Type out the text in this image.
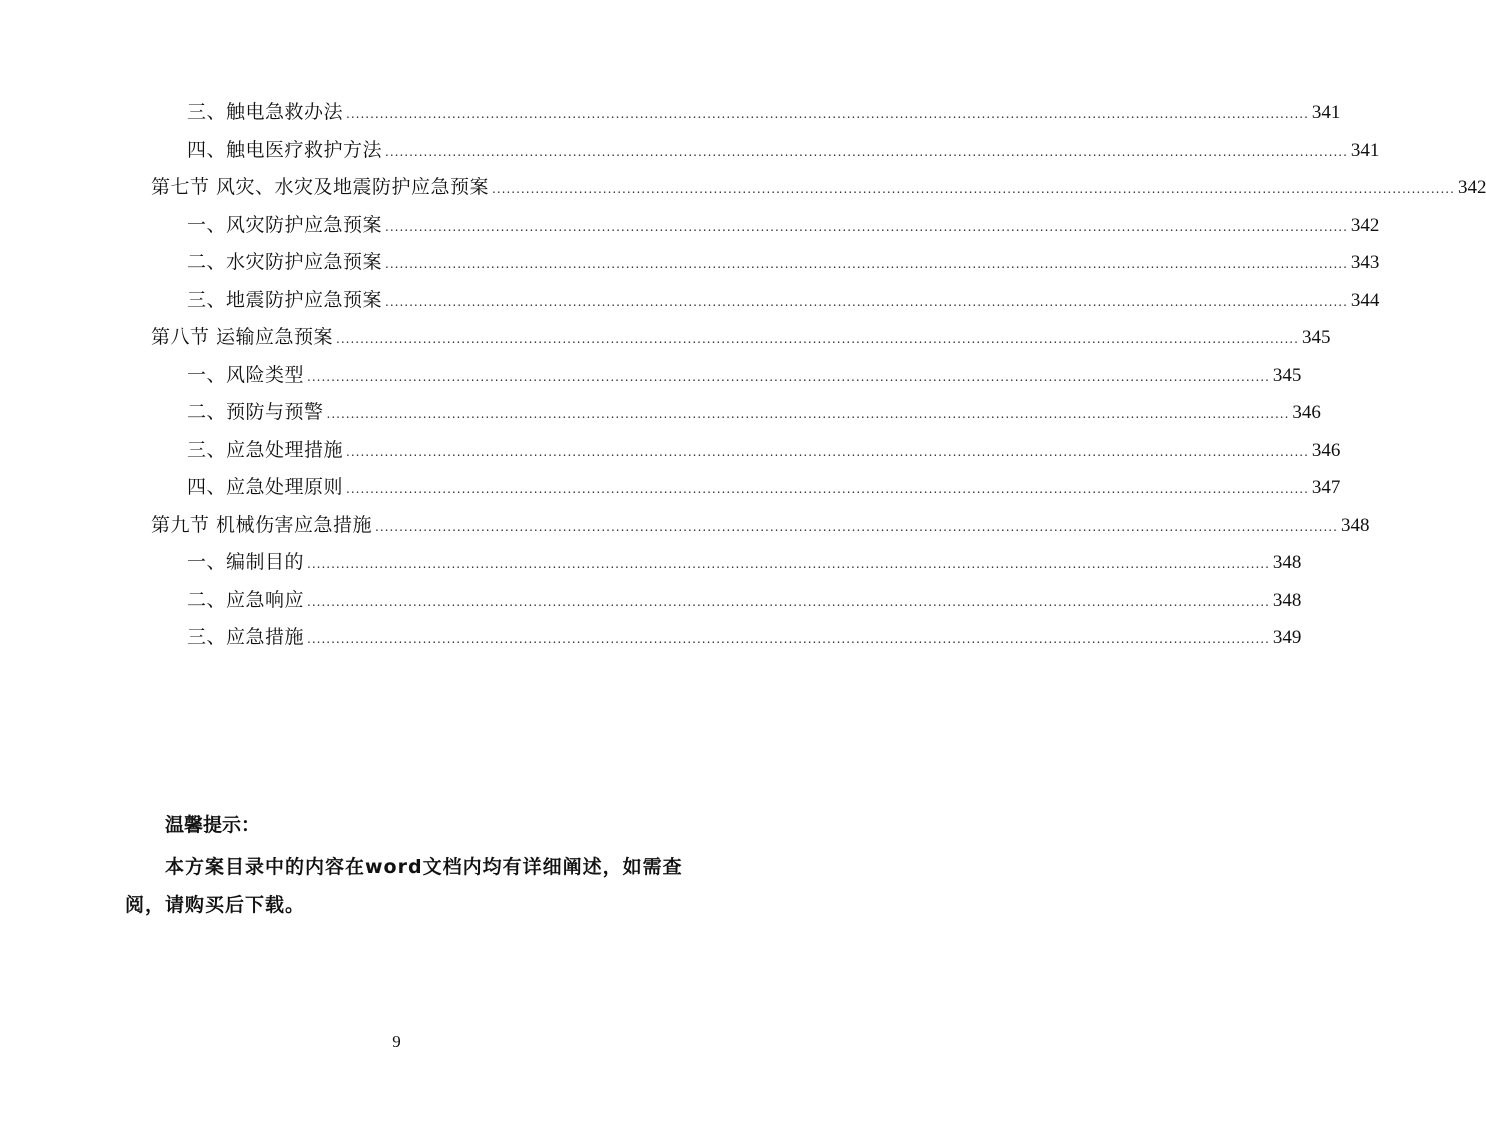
三、触电急救办法 ........................................................................................................................................................................................................ 341
四、触电医疗救护方法 ........................................................................................................................................................................................................ 341
第七节 风灾、水灾及地震防护应急预案 ........................................................................................................................................................................................................ 342
一、风灾防护应急预案 ........................................................................................................................................................................................................ 342
二、水灾防护应急预案 ........................................................................................................................................................................................................ 343
三、地震防护应急预案 ........................................................................................................................................................................................................ 344
第八节 运输应急预案 ........................................................................................................................................................................................................ 345
一、风险类型 ........................................................................................................................................................................................................ 345
二、预防与预警 ........................................................................................................................................................................................................ 346
三、应急处理措施 ........................................................................................................................................................................................................ 346
四、应急处理原则 ........................................................................................................................................................................................................ 347
第九节 机械伤害应急措施 ........................................................................................................................................................................................................ 348
一、编制目的 ........................................................................................................................................................................................................ 348
二、应急响应 ........................................................................................................................................................................................................ 348
三、应急措施 ........................................................................................................................................................................................................ 349
温馨提示：
本方案目录中的内容在word文档内均有详细阐述，如需查阅，请购买后下载。
9
